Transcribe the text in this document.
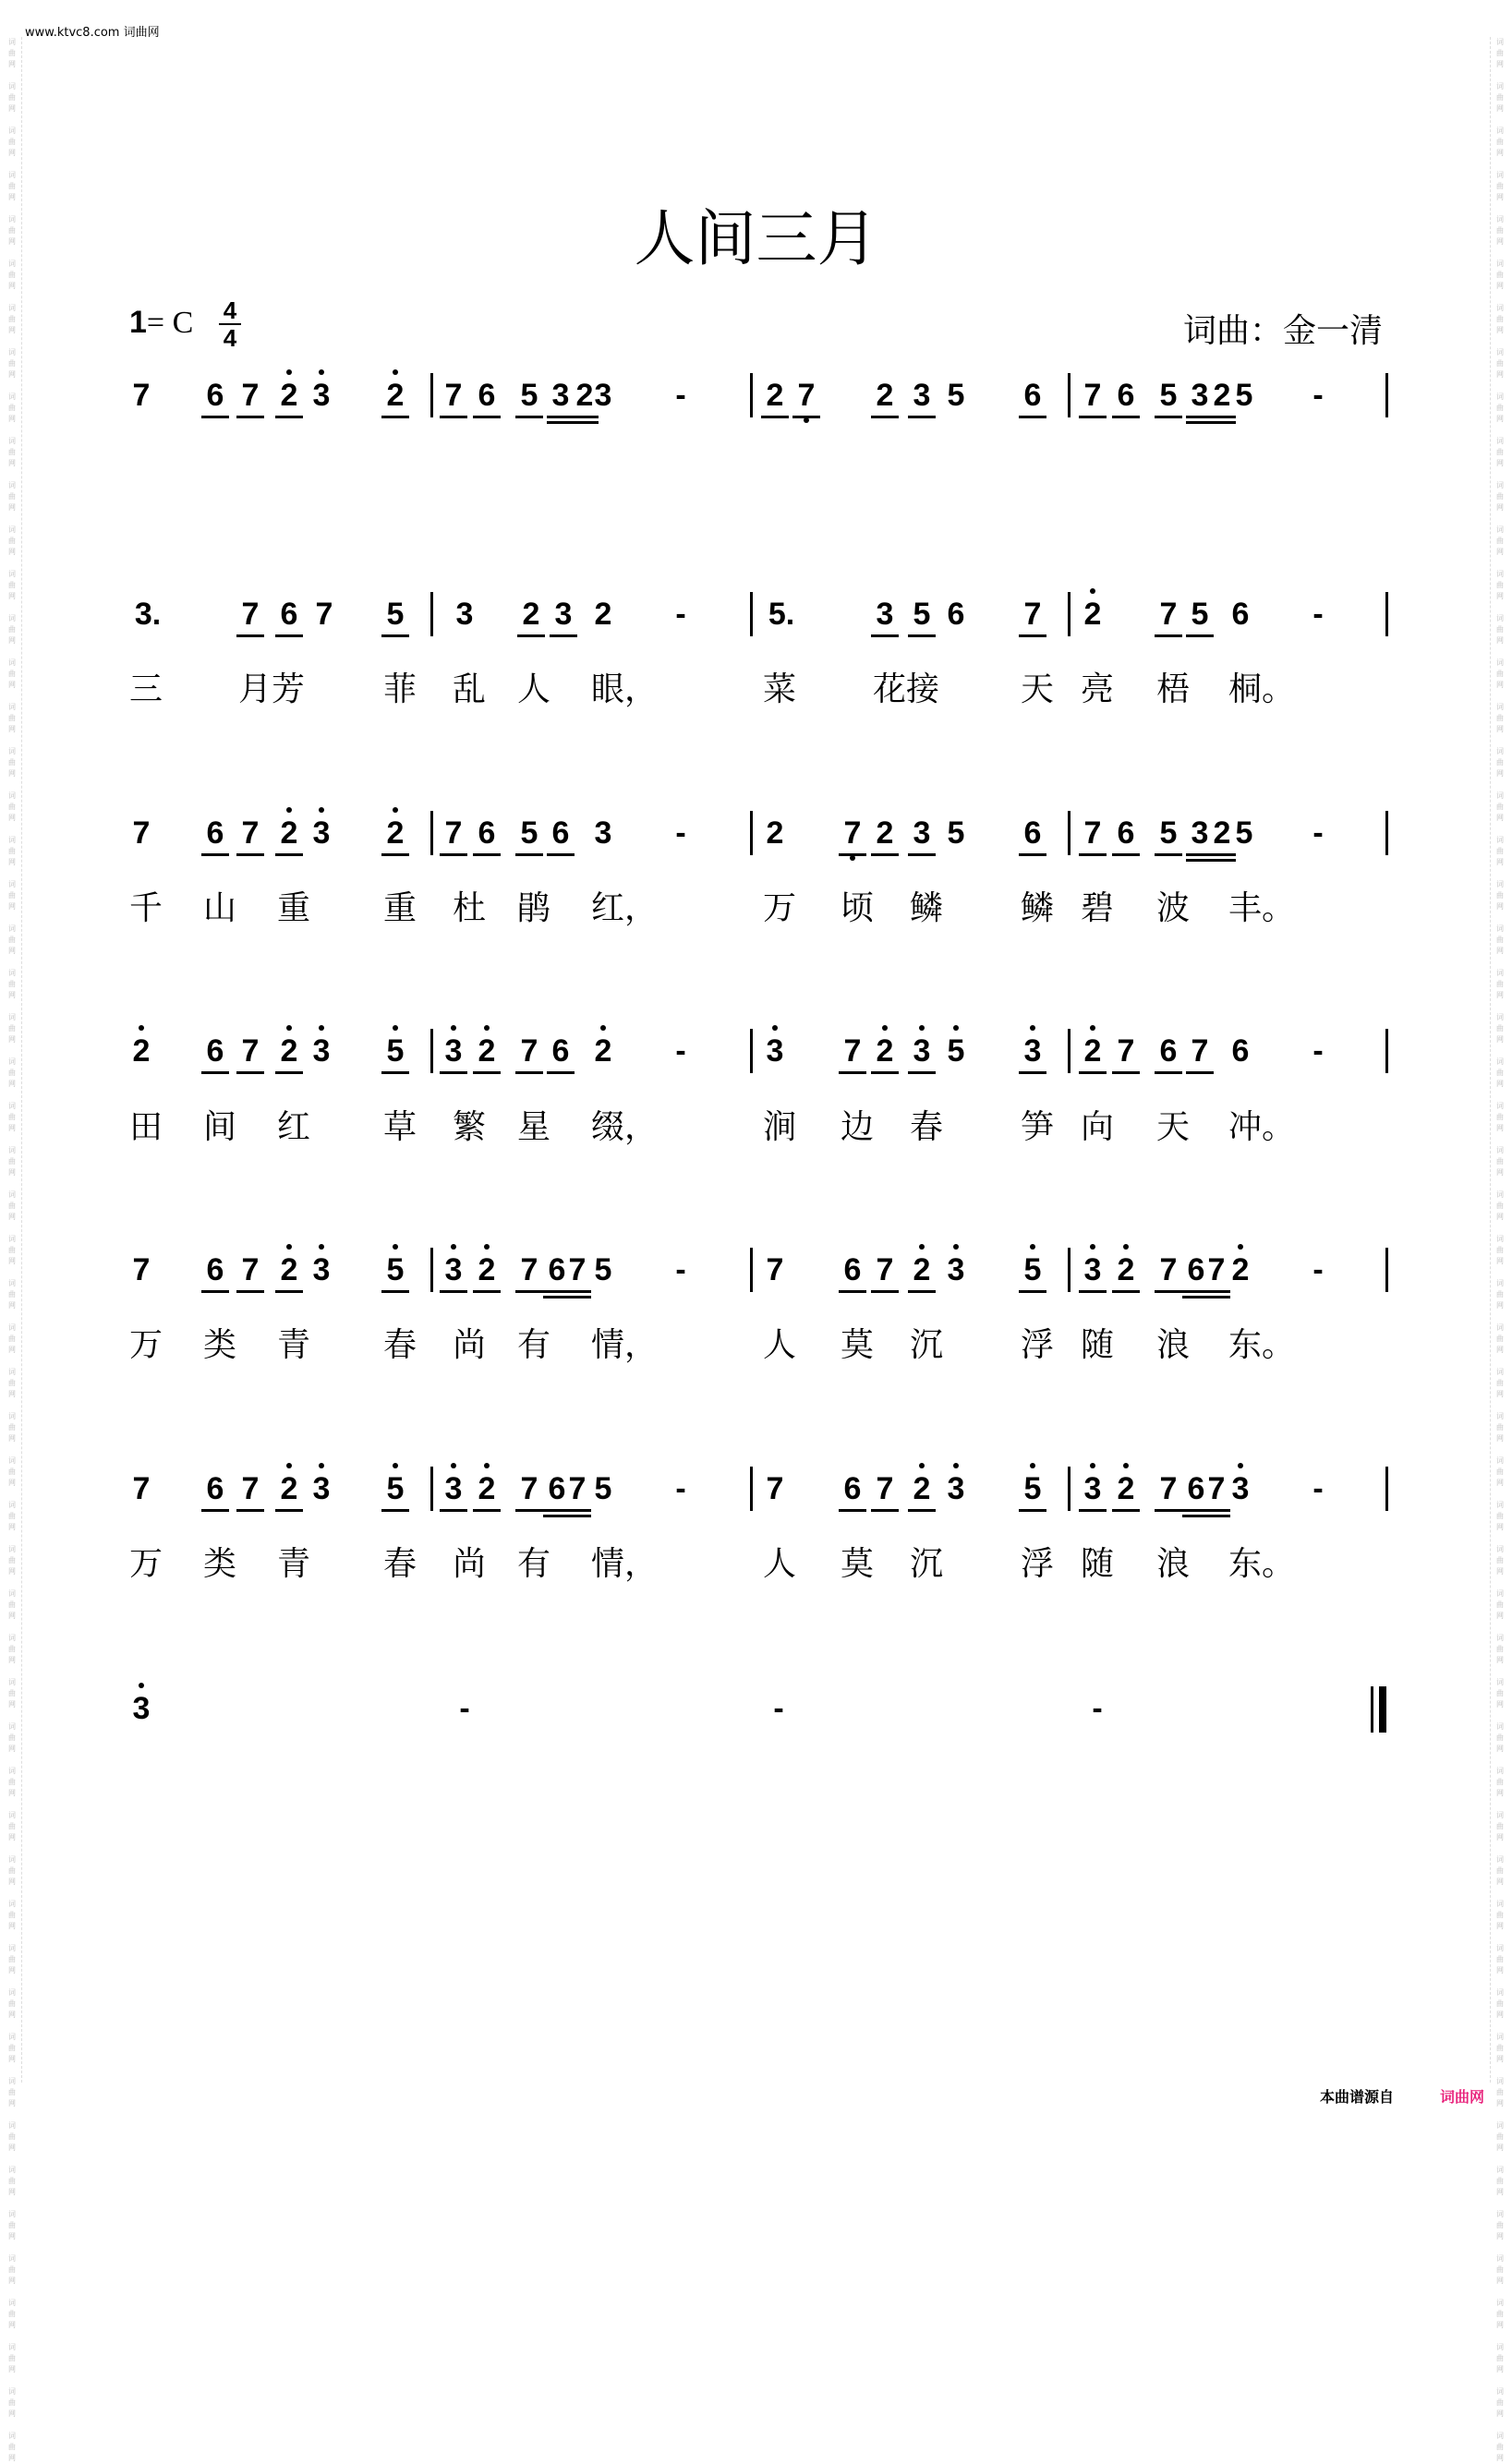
www.ktvc8.com 词曲网
词
曲
网

词
曲
网

词
曲
网

词
曲
网

词
曲
网

词
曲
网

词
曲
网

词
曲
网

词
曲
网

词
曲
网

词
曲
网

词
曲
网

词
曲
网

词
曲
网

词
曲
网

词
曲
网

词
曲
网

词
曲
网

词
曲
网

词
曲
网

词
曲
网

词
曲
网

词
曲
网

词
曲
网

词
曲
网

词
曲
网

词
曲
网

词
曲
网

词
曲
网

词
曲
网

词
曲
网

词
曲
网

词
曲
网

词
曲
网

词
曲
网

词
曲
网

词
曲
网

词
曲
网

词
曲
网

词
曲
网

词
曲
网

词
曲
网

词
曲
网

词
曲
网

词
曲
网

词
曲
网

词
曲
网

词
曲
网

词
曲
网

词
曲
网

词
曲
网

词
曲
网

词
曲
网

词
曲
网

词
曲
网

词
曲
网

词
曲
网

词
曲
网

词
曲
网

词
曲
网

词
曲
网

词
曲
网

词
曲
网

词
曲
网

词
曲
网

词
曲
网

词
曲
网

词
曲
网

词
曲
网

词
曲
网

词
曲
网

词
曲
网

词
曲
网

词
曲
网

词
曲
网

词
曲
网

词
曲
网

词
曲
网

词
曲
网

词
曲
网

词
曲
网

词
曲
网

词
曲
网

词
曲
网

词
曲
网

词
曲
网

词
曲
网

词
曲
网

词
曲
网

词
曲
网

词
曲
网

词
曲
网

词
曲
网

词
曲
网

词
曲
网

词
曲
网

词
曲
网

词
曲
网

词
曲
网

词
曲
网

词
曲
网

词
曲
网

词
曲
网

词
曲
网

词
曲
网

词
曲
网

词
曲
网

词
曲
网

词
曲
网

词
曲
网

人间三月
1= C 4
4	词曲：金一清
7 6 7 2 3 2 7 6 5 3 2 3 -	2 7 2 3 5 6 7 6 5 3 2 5 -
3.	7 6 7 5 3 2 3 2 -	5.	3 5 6 7 2 7 5 6 -
7 6 7 2 3 2 7 6 5 6 3 -	2 7 2 3 5 6 7 6 5 3 2 5 -
2 6 7 2 3 5 3 2 7 6 2 -	3 7 2 3 5 3 2 7 6 7 6 -
7 6 7 2 3 5 3 2 7 6 7 5 -	7 6 7 2 3 5 3 2 7 6 7 2 -
7 6 7 2 3 5 3 2 7 6 7 5 -	7 6 7 2 3 5 3 2 7 6 7 3 -
3	-	-	-
三 月芳 菲 乱 人 眼，	菜 花接 天 亮 梧 桐。
千 山 重 重 杜 鹃 红，	万 顷 鳞 鳞 碧 波 丰。
田 间 红 草 繁 星 缀，	涧 边 春 笋 向 天 冲。
万 类 青 春 尚 有 情，	人 莫 沉 浮 随 浪 东。
万 类 青 春 尚 有 情，	人 莫 沉 浮 随 浪 东。
本曲谱源自	词曲网
